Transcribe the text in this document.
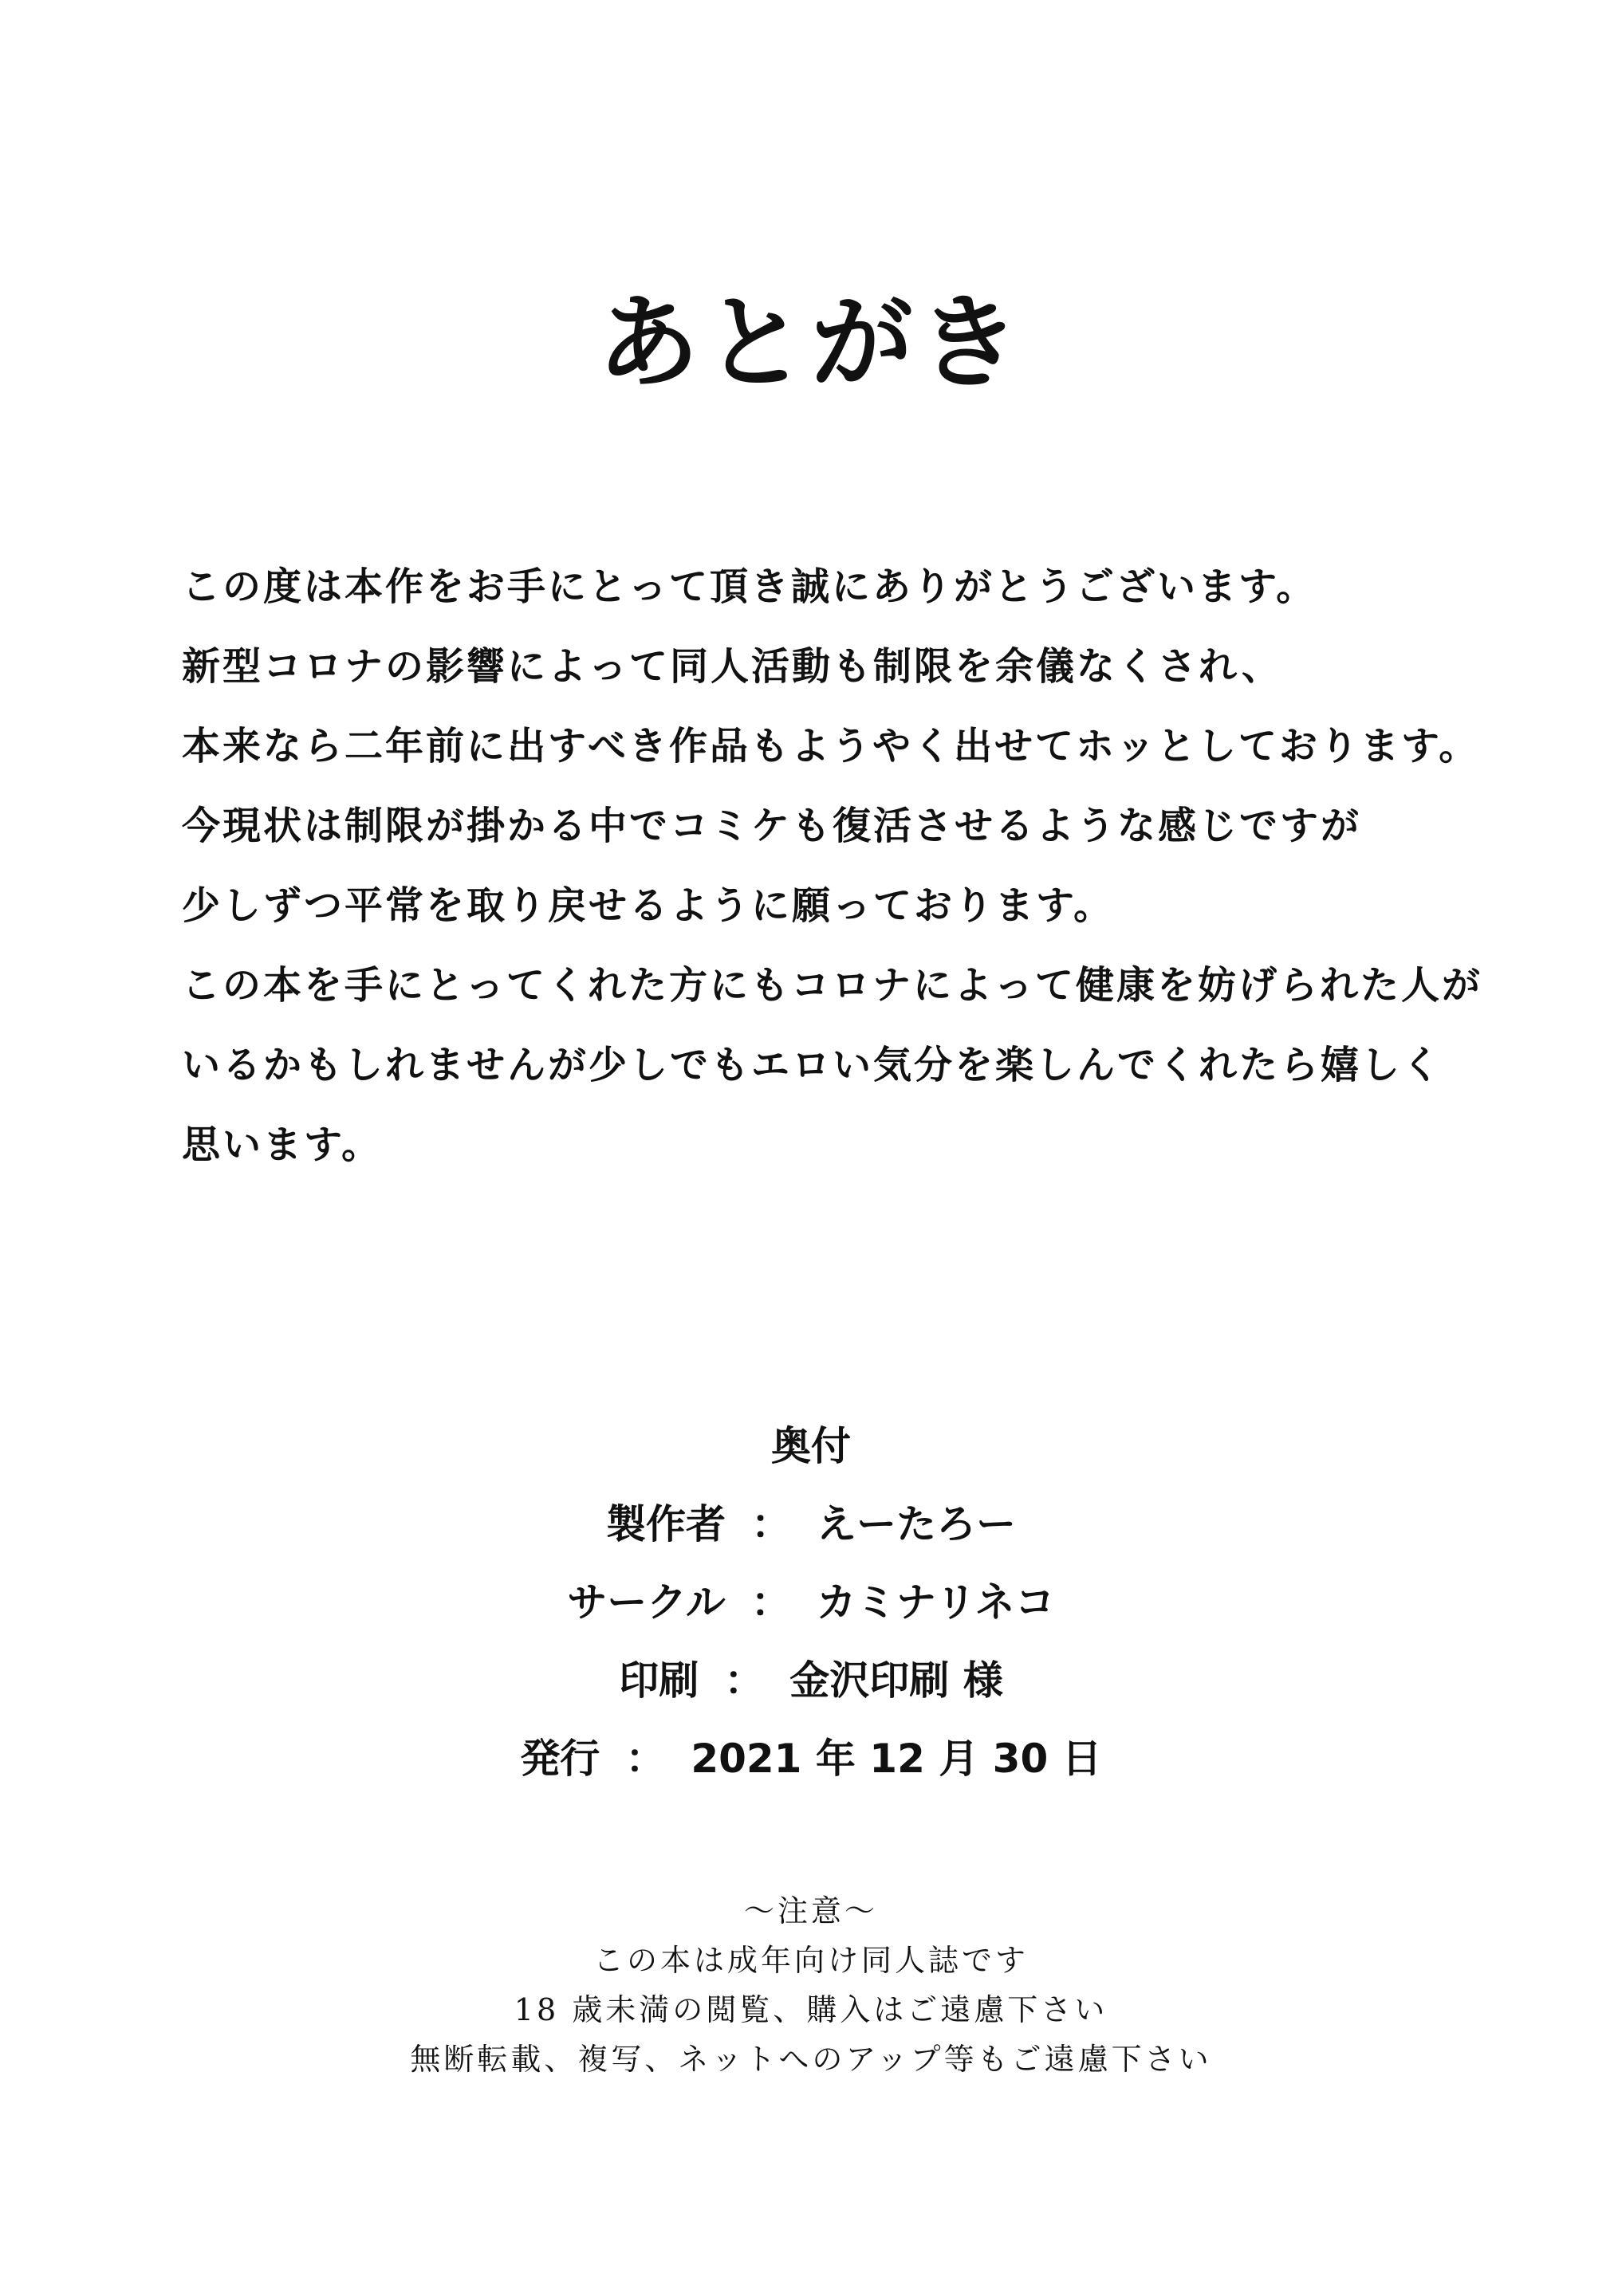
あとがき
この度は本作をお手にとって頂き誠にありがとうございます。
新型コロナの影響によって同人活動も制限を余儀なくされ、
本来なら二年前に出すべき作品もようやく出せてホッとしております。
今現状は制限が掛かる中でコミケも復活させるような感じですが
少しずつ平常を取り戻せるように願っております。
この本を手にとってくれた方にもコロナによって健康を妨げられた人が
いるかもしれませんが少しでもエロい気分を楽しんでくれたら嬉しく
思います。
奥付
製作者 ： えーたろー
サークル ： カミナリネコ
印刷 ： 金沢印刷 様
発行 ： 2021 年 12 月 30 日
〜注意〜
この本は成年向け同人誌です
18 歳未満の閲覧、購入はご遠慮下さい
無断転載、複写、ネットへのアップ等もご遠慮下さい
